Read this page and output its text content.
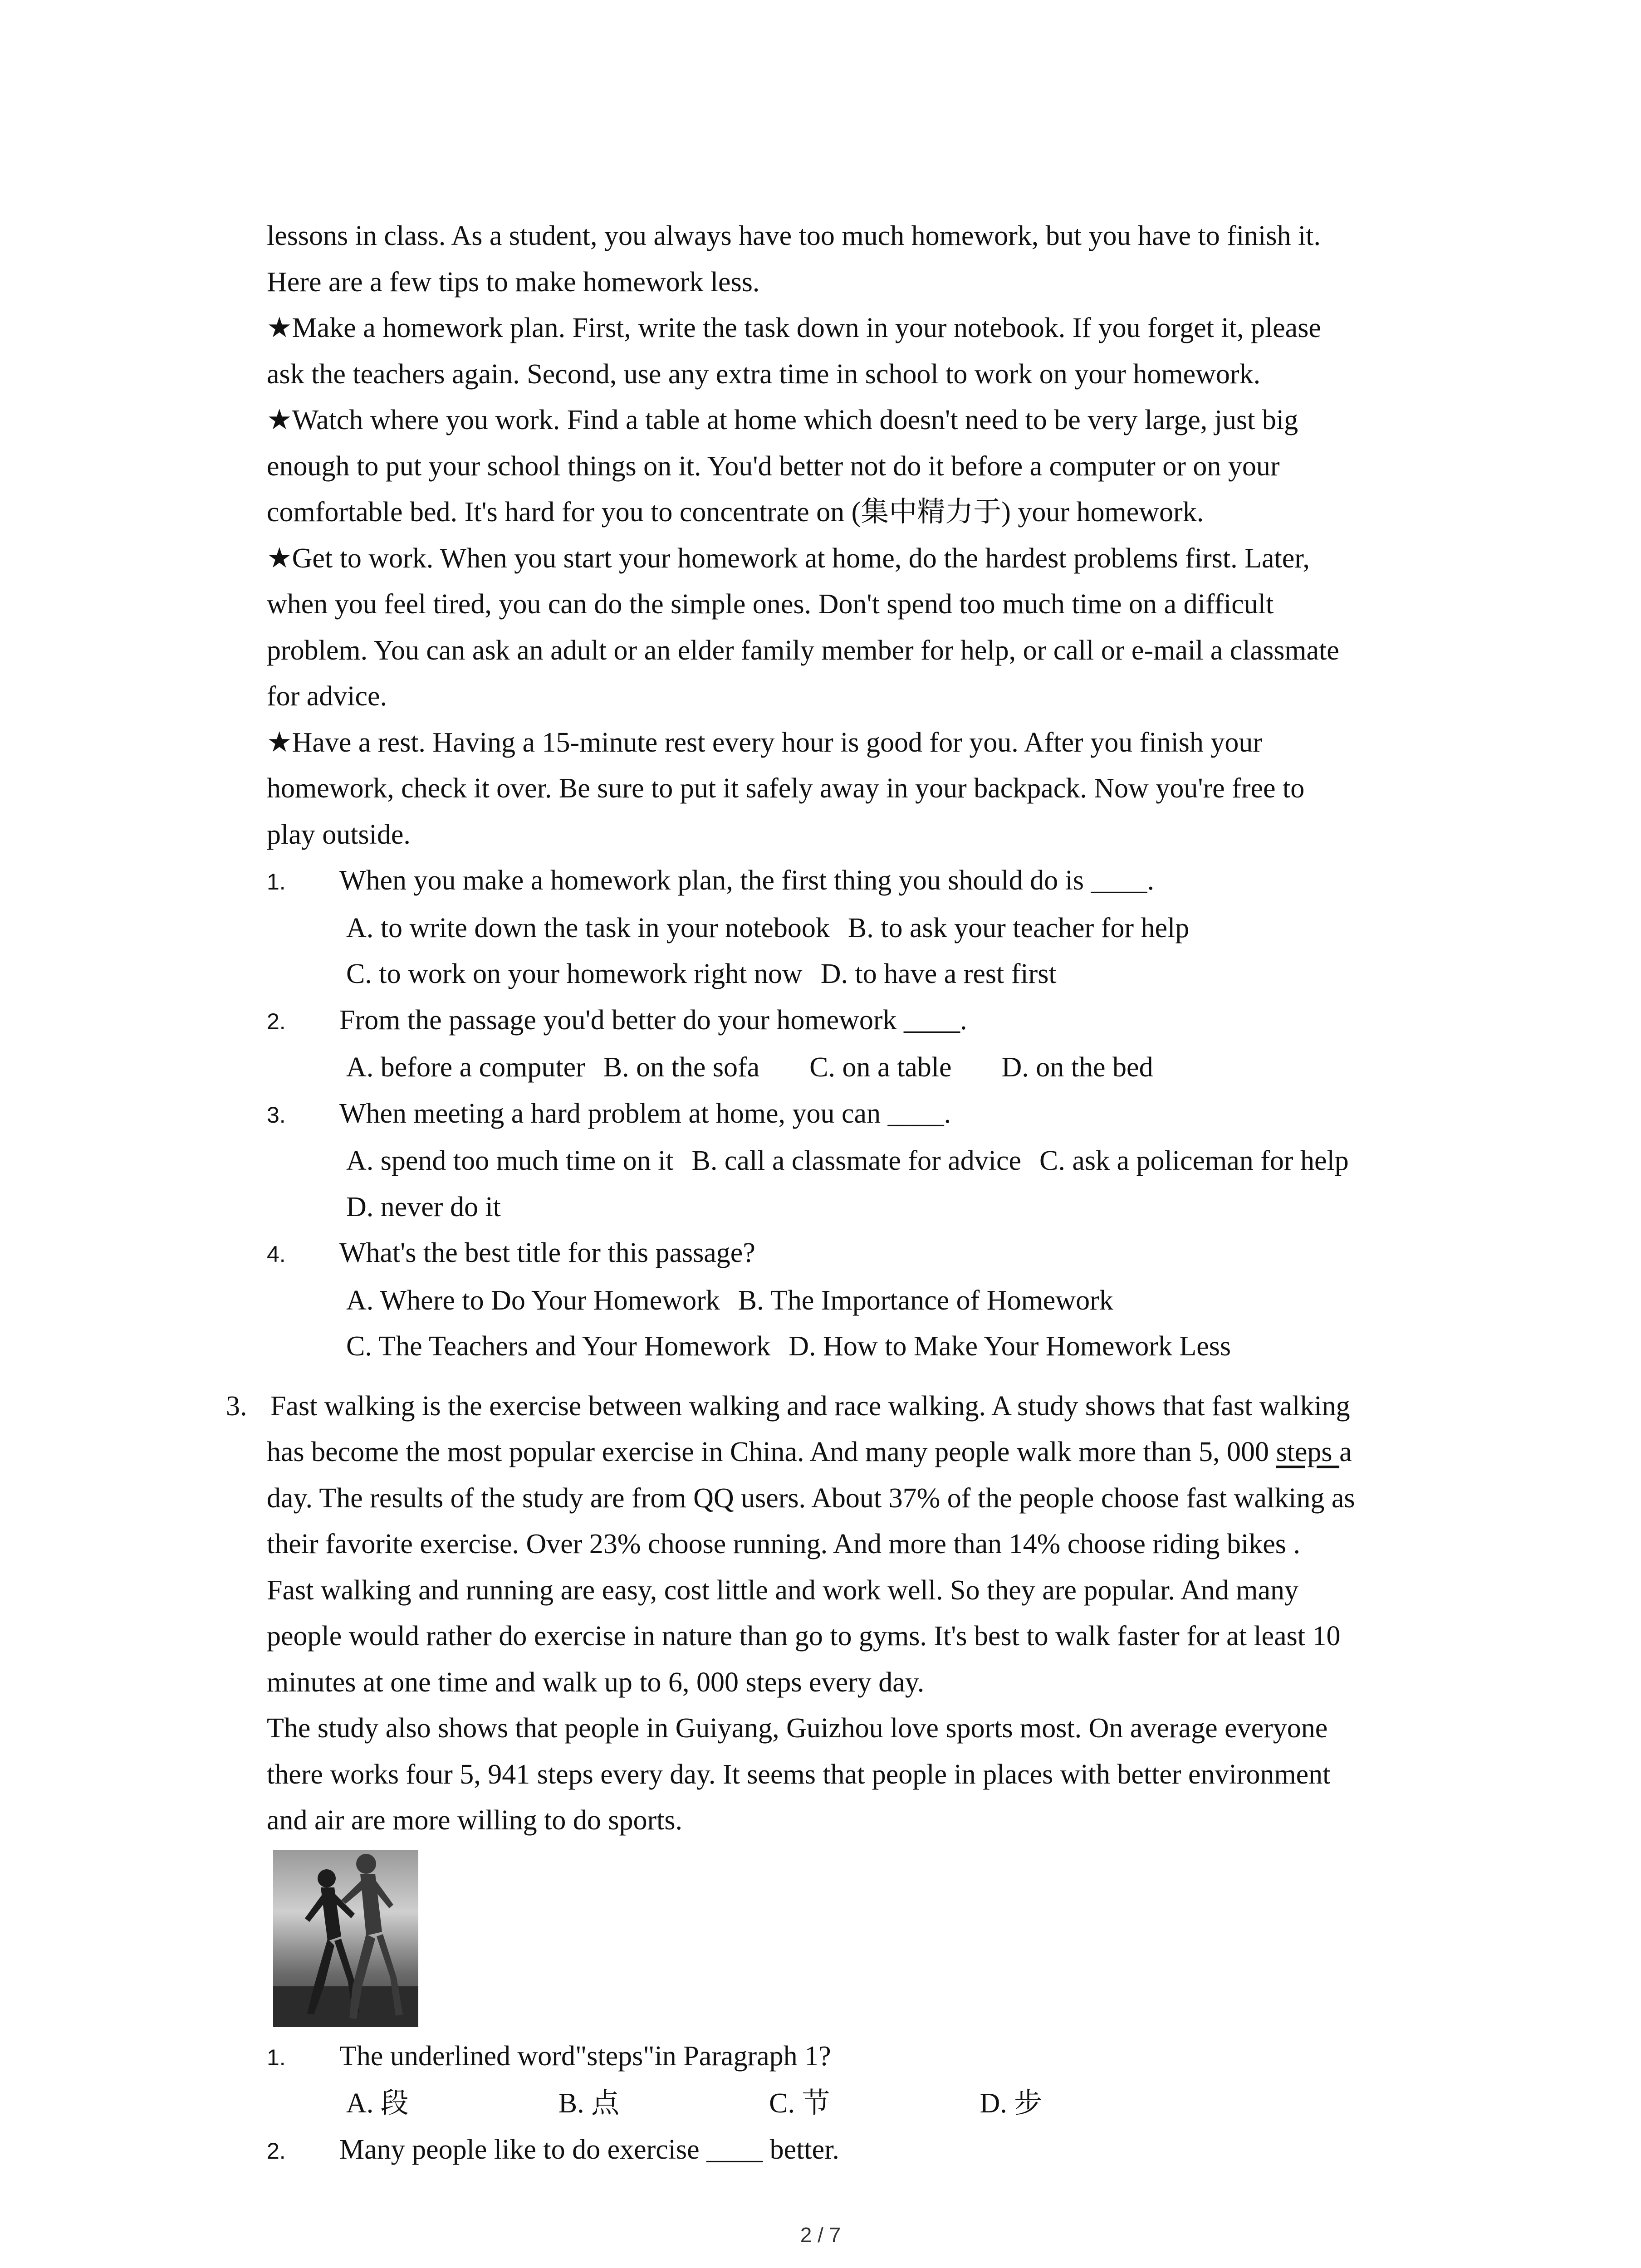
lessons in class. As a student, you always have too much homework, but you have to finish it.
Here are a few tips to make homework less.
★Make a homework plan. First, write the task down in your notebook. If you forget it, please
ask the teachers again. Second, use any extra time in school to work on your homework.
★Watch where you work. Find a table at home which doesn't need to be very large, just big
enough to put your school things on it. You'd better not do it before a computer or on your
comfortable bed. It's hard for you to concentrate on (集中精力于) your homework.
★Get to work. When you start your homework at home, do the hardest problems first. Later,
when you feel tired, you can do the simple ones. Don't spend too much time on a difficult
problem. You can ask an adult or an elder family member for help, or call or e-mail a classmate
for advice.
★Have a rest. Having a 15-minute rest every hour is good for you. After you finish your
homework, check it over. Be sure to put it safely away in your backpack. Now you're free to
play outside.
1.	When you make a homework plan, the first thing you should do is ____.
A. to write down the task in your notebook B. to ask your teacher for help
C. to work on your homework right now D. to have a rest first
2.	From the passage you'd better do your homework ____.
A. before a computer B. on the sofa C. on a table D. on the bed
3.	When meeting a hard problem at home, you can ____.
A. spend too much time on it B. call a classmate for advice C. ask a policeman for help
D. never do it
4.	What's the best title for this passage?
A. Where to Do Your Homework B. The Importance of Homework
C. The Teachers and Your Homework D. How to Make Your Homework Less
3. Fast walking is the exercise between walking and race walking. A study shows that fast walking
has become the most popular exercise in China. And many people walk more than 5, 000 steps a
day. The results of the study are from QQ users. About 37% of the people choose fast walking as
their favorite exercise. Over 23% choose running. And more than 14% choose riding bikes .
Fast walking and running are easy, cost little and work well. So they are popular. And many
people would rather do exercise in nature than go to gyms. It's best to walk faster for at least 10
minutes at one time and walk up to 6, 000 steps every day.
The study also shows that people in Guiyang, Guizhou love sports most. On average everyone
there works four 5, 941 steps every day. It seems that people in places with better environment
and air are more willing to do sports.
1.	The underlined word"steps"in Paragraph 1?
A. 段	B. 点	C. 节	D. 步
2.	Many people like to do exercise ____ better.
2 / 7
